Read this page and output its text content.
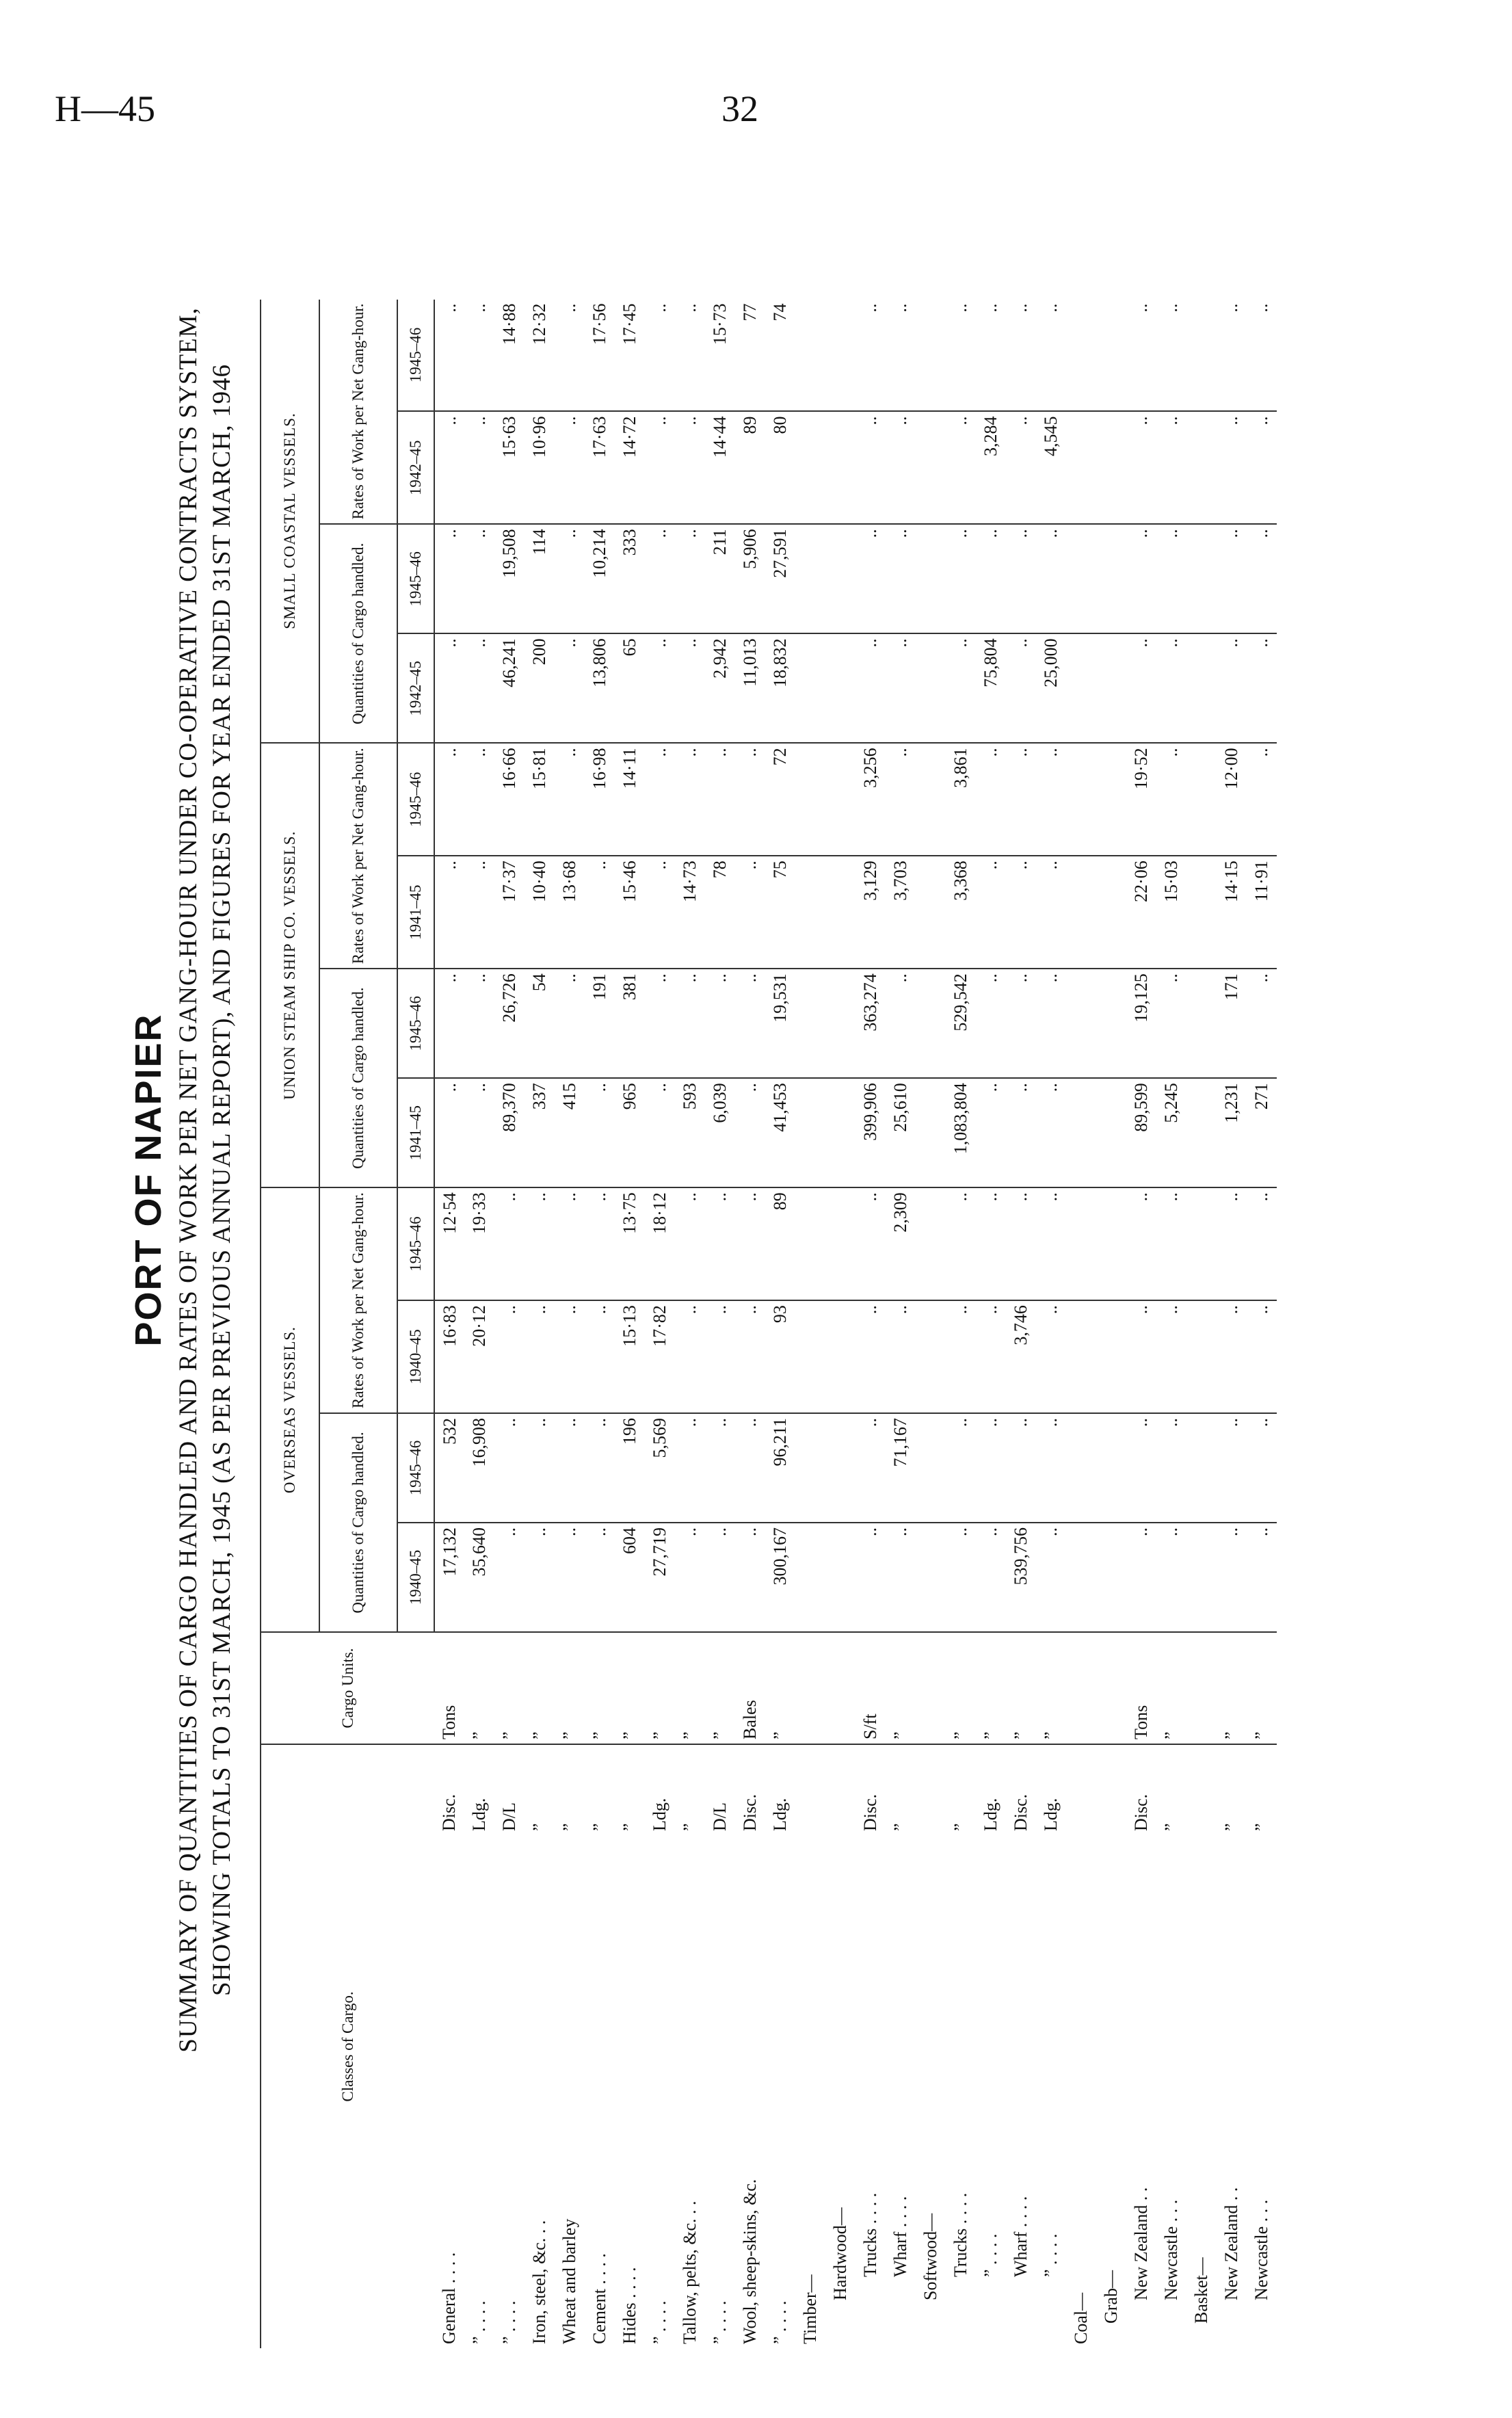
H—45	32
PORT OF NAPIER SUMMARY OF QUANTITIES OF CARGO HANDLED AND RATES OF WORK PER NET GANG-HOUR UNDER CO-OPERATIVE CONTRACTS SYSTEM, SHOWING TOTALS TO 31ST MARCH, 1945 (AS PER PREVIOUS ANNUAL REPORT), AND FIGURES FOR YEAR ENDED 31ST MARCH, 1946
Classes of Cargo.		Cargo Units.	OVERSEAS VESSELS.				UNION STEAM SHIP CO. VESSELS.				SMALL COASTAL VESSELS.			
			Quantities of Cargo handled.		Rates of Work per Net Gang-hour.		Quantities of Cargo handled.		Rates of Work per Net Gang-hour.		Quantities of Cargo handled.		Rates of Work per Net Gang-hour.	
			1940–45	1945–46	1940–45	1945–46	1941–45	1945–46	1941–45	1945–46	1942–45	1945–46	1942–45	1945–46
General . . . .	Disc.	Tons	17,132	532	16·83	12·54	..	..	..	..	..	..	..	..
” . . . .	Ldg.	”	35,640	16,908	20·12	19·33	..	..	..	..	..	..	..	..
” . . . .	D/L	”	..	..	..	..	89,370	26,726	17·37	16·66	46,241	19,508	15·63	14·88
Iron, steel, &c. . .	”	”	..	..	..	..	337	54	10·40	15·81	200	114	10·96	12·32
Wheat and barley	”	”	..	..	..	..	415	..	13·68	..	..	..	..	..
Cement . . . .	”	”	..	..	..	..	..	191	..	16·98	13,806	10,214	17·63	17·56
Hides . . . .	”	”	604	196	15·13	13·75	965	381	15·46	14·11	65	333	14·72	17·45
” . . . .	Ldg.	”	27,719	5,569	17·82	18·12	..	..	..	..	..	..	..	..
Tallow, pelts, &c. . .	”	”	..	..	..	..	593	..	14·73	..	..	..	..	..
” . . . .	D/L	”	..	..	..	..	6,039	..	78	..	2,942	211	14·44	15·73
Wool, sheep-skins, &c.	Disc.	Bales	..	..	..	..	..	..	..	..	11,013	5,906	89	77
” . . . .	Ldg.	”	300,167	96,211	93	89	41,453	19,531	75	72	18,832	27,591	80	74
Timber—														
Hardwood—														
Trucks . . . .	Disc.	S/ft	..	..	..	..	399,906	363,274	3,129	3,256	..	..	..	..
Wharf . . . .	”	”	..	71,167	..	2,309	25,610	..	3,703	..	..	..	..	..
Softwood—														
Trucks . . . .	”	”	..	..	..	..	1,083,804	529,542	3,368	3,861	..	..	..	..
” . . . .	Ldg.	”	..	..	..	..	..	..	..	..	75,804	..	3,284	..
Wharf . . . .	Disc.	”	539,756	..	3,746	..	..	..	..	..	..	..	..	..
” . . . .	Ldg.	”	..	..	..	..	..	..	..	..	25,000	..	4,545	..
Coal—														
Grab—														
New Zealand . .	Disc.	Tons	..	..	..	..	89,599	19,125	22·06	19·52	..	..	..	..
Newcastle . . .	”	”	..	..	..	..	5,245	..	15·03	..	..	..	..	..
Basket—														
New Zealand . .	”	”	..	..	..	..	1,231	171	14·15	12·00	..	..	..	..
Newcastle . . .	”	”	..	..	..	..	271	..	11·91	..	..	..	..	..
